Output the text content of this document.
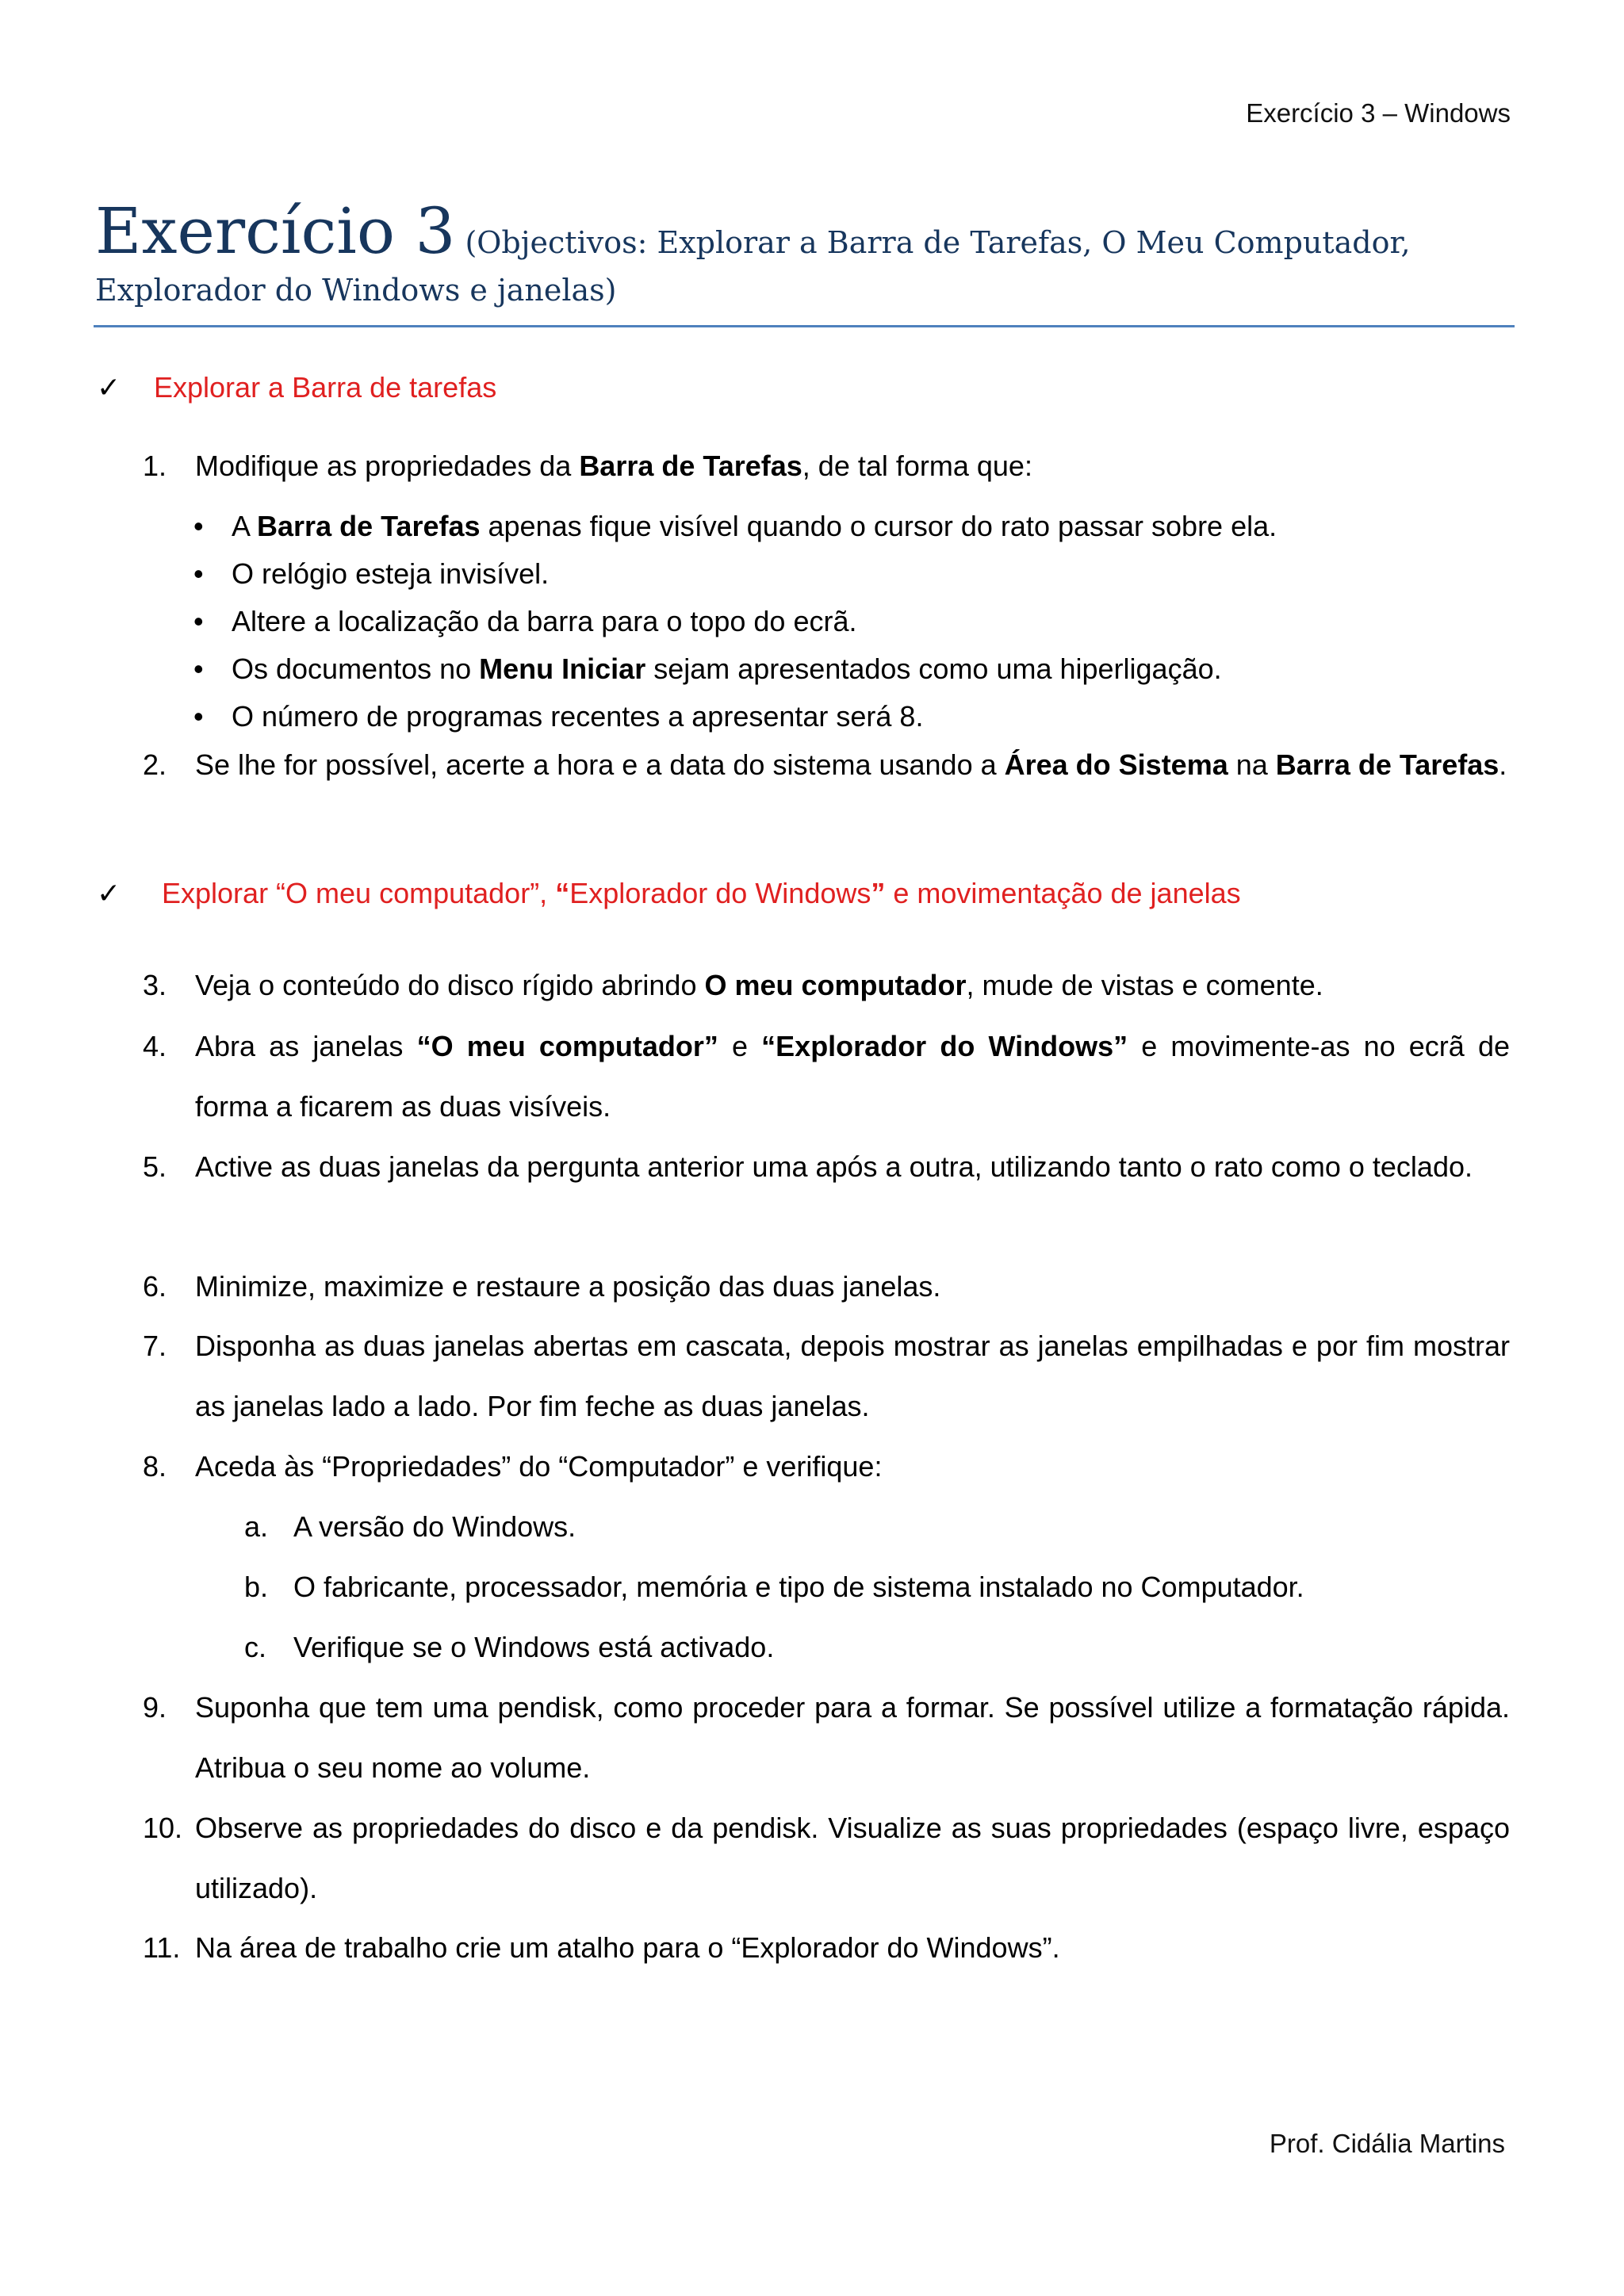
Exercício 3 – Windows
Exercício 3 (Objectivos: Explorar a Barra de Tarefas, O Meu Computador,
Explorador do Windows e janelas)
✓	Explorar a Barra de tarefas
1. Modifique as propriedades da Barra de Tarefas, de tal forma que:
• A Barra de Tarefas apenas fique visível quando o cursor do rato passar sobre ela.
• O relógio esteja invisível.
• Altere a localização da barra para o topo do ecrã.
• Os documentos no Menu Iniciar sejam apresentados como uma hiperligação.
• O número de programas recentes a apresentar será 8.
2. Se lhe for possível, acerte a hora e a data do sistema usando a Área do Sistema na Barra de Tarefas.
✓	Explorar “O meu computador”, “Explorador do Windows” e movimentação de janelas
3. Veja o conteúdo do disco rígido abrindo O meu computador, mude de vistas e comente.
4. Abra as janelas “O meu computador” e “Explorador do Windows” e movimente-as no ecrã de forma a ficarem as duas visíveis.
5. Active as duas janelas da pergunta anterior uma após a outra, utilizando tanto o rato como o teclado.
6. Minimize, maximize e restaure a posição das duas janelas.
7. Disponha as duas janelas abertas em cascata, depois mostrar as janelas empilhadas e por fim mostrar as janelas lado a lado. Por fim feche as duas janelas.
8. Aceda às “Propriedades” do “Computador” e verifique:
a. A versão do Windows.
b. O fabricante, processador, memória e tipo de sistema instalado no Computador.
c. Verifique se o Windows está activado.
9. Suponha que tem uma pendisk, como proceder para a formar. Se possível utilize a formatação rápida. Atribua o seu nome ao volume.
10. Observe as propriedades do disco e da pendisk. Visualize as suas propriedades (espaço livre, espaço utilizado).
11. Na área de trabalho crie um atalho para o “Explorador do Windows”.
Prof. Cidália Martins
